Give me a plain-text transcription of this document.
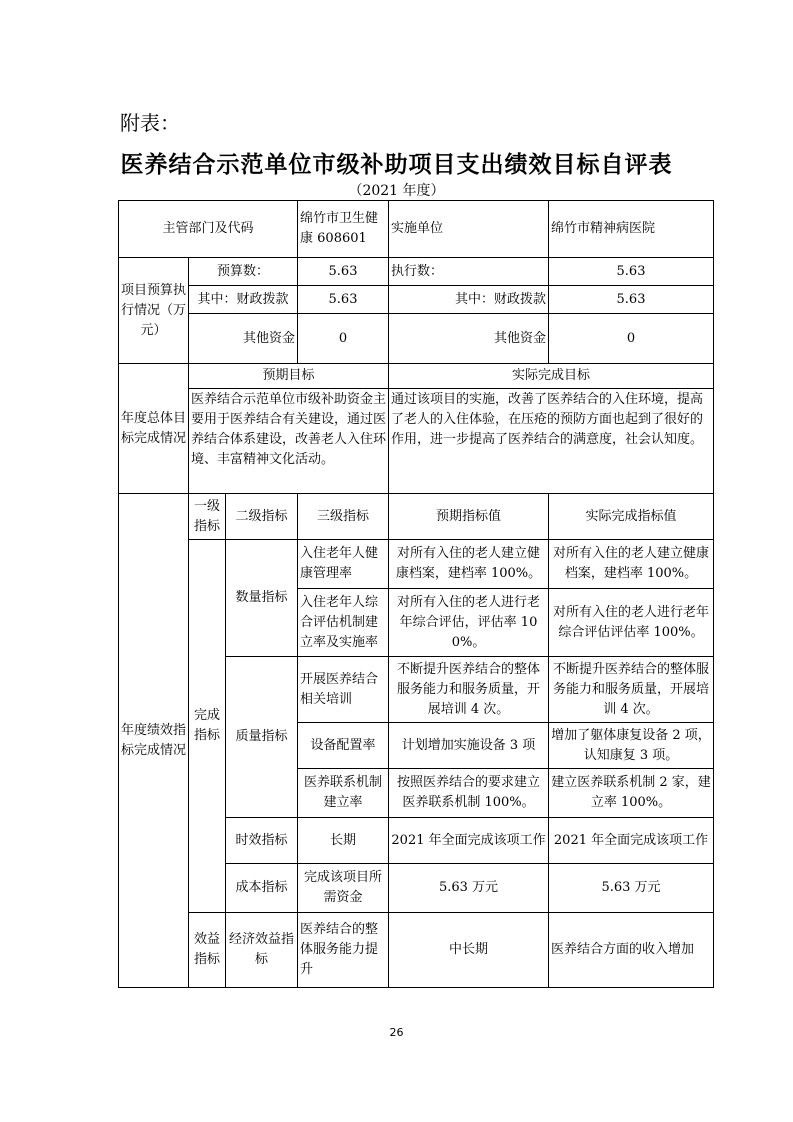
附表：
医养结合示范单位市级补助项目支出绩效目标自评表
（2021 年度）
主管部门及代码			绵竹市卫生健康 608601	实施单位	绵竹市精神病医院
项目预算执行情况（万元）	预算数：		5.63	执行数：	5.63
	其中：财政拨款		5.63	其中：财政拨款	5.63
	其他资金		0	其他资金	0
年度总体目标完成情况	预期目标			实际完成目标	
	医养结合示范单位市级补助资金主要用于医养结合有关建设，通过医养结合体系建设，改善老人入住环境、丰富精神文化活动。			通过该项目的实施，改善了医养结合的入住环境，提高了老人的入住体验，在压疮的预防方面也起到了很好的作用，进一步提高了医养结合的满意度，社会认知度。	
年度绩效指标完成情况	一级指标	二级指标	三级指标	预期指标值	实际完成指标值
	完成指标	数量指标	入住老年人健康管理率	对所有入住的老人建立健康档案，建档率 100%。	对所有入住的老人建立健康档案，建档率 100%。
			入住老年人综合评估机制建立率及实施率	对所有入住的老人进行老年综合评估，评估率 100%。	对所有入住的老人进行老年综合评估评估率 100%。
		质量指标	开展医养结合相关培训	不断提升医养结合的整体服务能力和服务质量，开展培训 4 次。	不断提升医养结合的整体服务能力和服务质量，开展培训 4 次。
			设备配置率	计划增加实施设备 3 项	增加了躯体康复设备 2 项，认知康复 3 项。
			医养联系机制建立率	按照医养结合的要求建立医养联系机制 100%。	建立医养联系机制 2 家，建立率 100%。
		时效指标	长期	2021 年全面完成该项工作	2021 年全面完成该项工作
		成本指标	完成该项目所需资金	5.63 万元	5.63 万元
	效益指标	经济效益指标	医养结合的整体服务能力提升	中长期	医养结合方面的收入增加
26
